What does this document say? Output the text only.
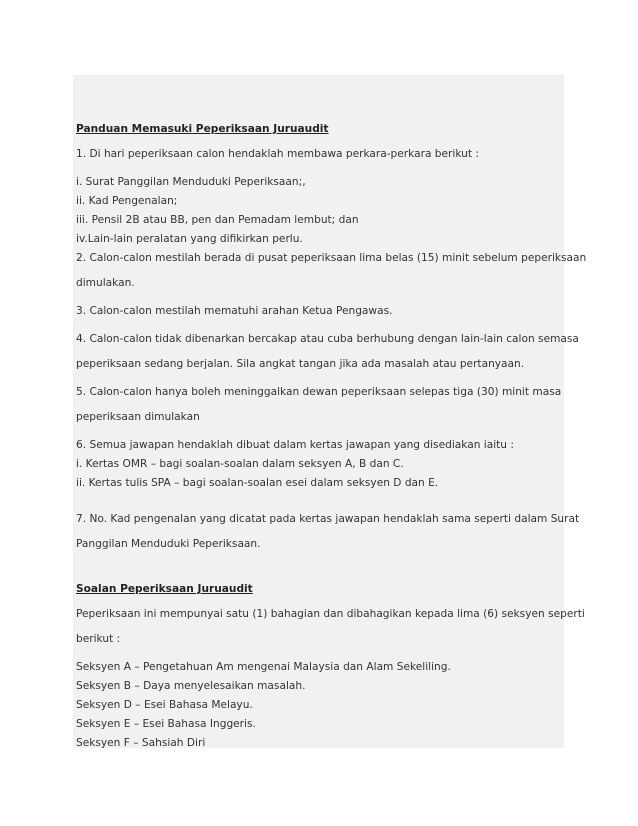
Panduan Memasuki Peperiksaan Juruaudit

1. Di hari peperiksaan calon hendaklah membawa perkara-perkara berikut :

i. Surat Panggilan Menduduki Peperiksaan;,

ii. Kad Pengenalan;

iii. Pensil 2B atau BB, pen dan Pemadam lembut; dan

iv.Lain-lain peralatan yang difikirkan perlu.

2. Calon-calon mestilah berada di pusat peperiksaan lima belas (15) minit sebelum peperiksaan

dimulakan.

3. Calon-calon mestilah mematuhi arahan Ketua Pengawas.

4. Calon-calon tidak dibenarkan bercakap atau cuba berhubung dengan lain-lain calon semasa

peperiksaan sedang berjalan. Sila angkat tangan jika ada masalah atau pertanyaan.

5. Calon-calon hanya boleh meninggalkan dewan peperiksaan selepas tiga (30) minit masa

peperiksaan dimulakan

6. Semua jawapan hendaklah dibuat dalam kertas jawapan yang disediakan iaitu :

i. Kertas OMR – bagi soalan-soalan dalam seksyen A, B dan C.

ii. Kertas tulis SPA – bagi soalan-soalan esei dalam seksyen D dan E.

7. No. Kad pengenalan yang dicatat pada kertas jawapan hendaklah sama seperti dalam Surat

Panggilan Menduduki Peperiksaan.

Soalan Peperiksaan Juruaudit

Peperiksaan ini mempunyai satu (1) bahagian dan dibahagikan kepada lima (6) seksyen seperti

berikut :

Seksyen A – Pengetahuan Am mengenai Malaysia dan Alam Sekeliling.

Seksyen B – Daya menyelesaikan masalah.

Seksyen D – Esei Bahasa Melayu.

Seksyen E – Esei Bahasa Inggeris.

Seksyen F – Sahsiah Diri
